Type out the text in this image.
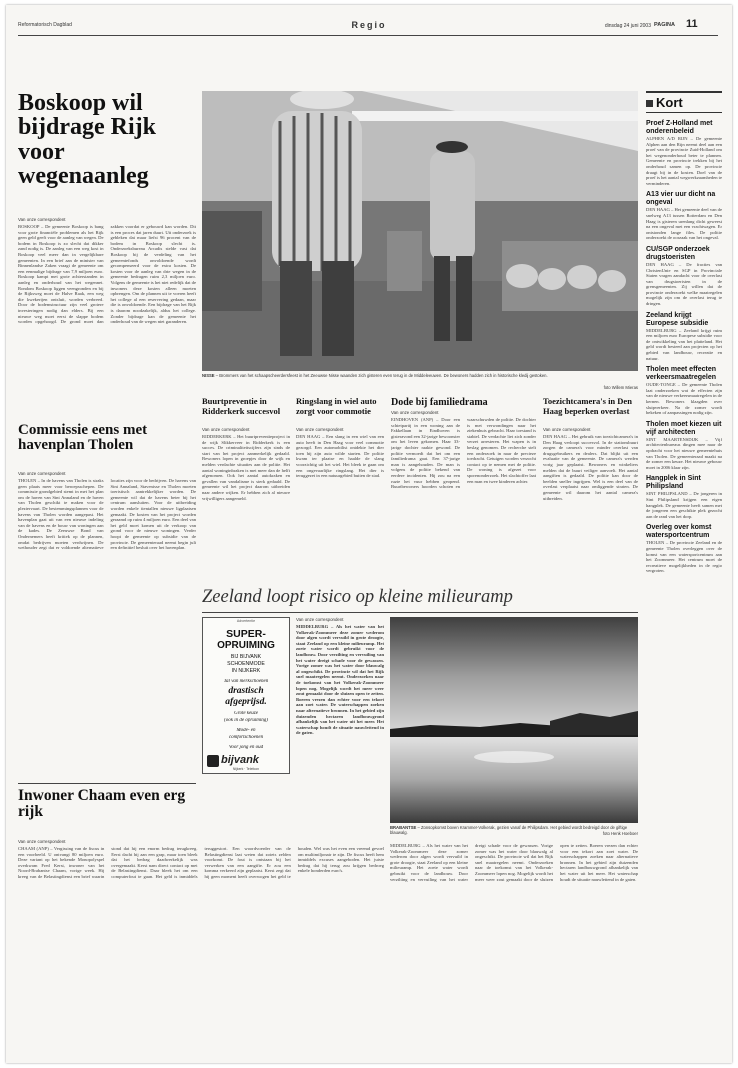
Reformatorisch Dagblad	Regio	dinsdag 24 juni 2003 PAGINA	11
Boskoop wil bijdrage Rijk voor wegenaanleg
Van onze correspondent
BOSKOOP – De gemeente Boskoop is bang voor grote financiële problemen als het Rijk geen geld geeft voor de aanleg van wegen. De bodem in Boskoop is zo slecht dat dikker zand nodig is. De aanleg van een weg kost in Boskoop veel meer dan in vergelijkbare gemeenten. In een brief aan de minister van Binnenlandse Zaken vraagt de gemeente om een eenmalige bijdrage van 7,9 miljoen euro. Boskoop kampt met grote achterstanden in aanleg en onderhoud van het wegennet. Rondom Boskoop liggen veengronden en bij de Rijksweg moet de Halve Raak, een weg die kwekerijen ontsluit, worden verbreed. Door de bodemstructuur zijn veel grotere investeringen nodig dan elders. Bij een nieuwe weg moet eerst de slappe bodem worden opgehoogd. De grond moet dan zakken voordat er gebouwd kan worden. Dit is een proces dat jaren duurt. Uit onderzoek is gebleken dat maar liefst 96 procent van de bodem in Boskoop slecht is. Onderzoeksbureau Arcadis stelde vast dat Boskoop bij de verdeling van het gemeentefonds onvoldoende wordt gecompenseerd voor de extra kosten. De kosten voor de aanleg van drie wegen in de gemeente bedragen ruim 2,3 miljoen euro. Volgens de gemeente is het niet redelijk dat de inwoners deze kosten alleen moeten opbrengen. Om de plannen uit te voeren heeft het college al een reservering gedaan, maar die is onvoldoende. Een bijdrage van het Rijk is daarom noodzakelijk, aldus het college. Zonder bijdrage kan de gemeente het onderhoud van de wegen niet garanderen.
NISSE – Brommers van het schaapscheerdersfeest in het Zeeuwse Nisse waanden zich gisteren even terug in de Middeleeuwen. De bewoners hadden zich in historische kledij gestoken.
foto Willem Mieras
Commissie eens met havenplan Tholen
Van onze correspondent
THOLEN – In de havens van Tholen is straks geen plaats meer voor beroepsschepen. De commissie grondgebied stemt in met het plan om de haven van Sint Annaland en de haven van Tholen geschikt te maken voor de pleziervaart. De bestemmingsplannen voor de havens van Tholen worden aangepast. Het havenplan gaat uit van een nieuwe indeling van de havens en de bouw van woningen aan de kades. De Zeeuwse Bond van Ondernemers heeft kritiek op de plannen, omdat bedrijven moeten verdwijnen. De wethouder zegt dat er voldoende alternatieve locaties zijn voor de bedrijven. De havens van Sint Annaland, Stavenisse en Tholen moeten toeristisch aantrekkelijker worden. De gemeente wil dat de havens beter bij het centrum aansluiten. Voor de uitbreiding worden enkele tientallen nieuwe ligplaatsen gemaakt. De kosten van het project worden geraamd op ruim 4 miljoen euro. Een deel van het geld moet komen uit de verkoop van grond voor de nieuwe woningen. Verder hoopt de gemeente op subsidie van de provincie. De gemeenteraad neemt begin juli een definitief besluit over het havenplan.
Buurtpreventie in Ridderkerk succesvol
Van onze correspondent
RIDDERKERK – Het buurtpreventieproject in de wijk Slikkerveer in Ridderkerk is een succes. De criminaliteitscijfers zijn sinds de start van het project aanmerkelijk gedaald. Bewoners lopen in groepjes door de wijk en melden verdachte situaties aan de politie. Het aantal woninginbraken is met meer dan de helft afgenomen. Ook het aantal autokraken en gevallen van vandalisme is sterk gedaald. De gemeente wil het project daarom uitbreiden naar andere wijken. Er hebben zich al nieuwe vrijwilligers aangemeld.
Ringslang in wiel auto zorgt voor commotie
Van onze correspondent
DEN HAAG – Een slang in een wiel van een auto heeft in Den Haag voor veel commotie gezorgd. Een automobilist ontdekte het dier toen hij zijn auto wilde starten. De politie kwam ter plaatse en haalde de slang voorzichtig uit het wiel. Het bleek te gaan om een ongevaarlijke ringslang. Het dier is teruggezet in een natuurgebied buiten de stad.
Dode bij familiedrama
Van onze correspondent
EINDHOVEN (ANP) – Door een schietpartij in een woning aan de Fakkellaan in Eindhoven is gisteravond een 32-jarige bewoonster om het leven gekomen. Haar 33-jarige dochter raakte gewond. De politie vermoedt dat het om een familiedrama gaat. Een 37-jarige man is aangehouden. De man is volgens de politie bekend van eerdere incidenten. Hij zou na een ruzie het vuur hebben geopend. Buurtbewoners hoorden schoten en waarschuwden de politie. De dochter is met verwondingen naar het ziekenhuis gebracht. Haar toestand is stabiel. De verdachte liet zich zonder verzet arresteren. Het wapen is in beslag genomen. De recherche stelt een onderzoek in naar de precieze toedracht. Getuigen worden verzocht contact op te nemen met de politie. De woning is afgezet voor sporenonderzoek. Het slachtoffer laat een man en twee kinderen achter.
Toezichtcamera's in Den Haag beperken overlast
Van onze correspondent
DEN HAAG – Het gebruik van toezichtcamera's in Den Haag verloopt succesvol. In de stationsbuurt zorgen de camera's voor minder overlast van drugsgebruikers en dealers. Dat blijkt uit een evaluatie van de gemeente. De camera's werden vorig jaar geplaatst. Bewoners en winkeliers melden dat de buurt veiliger aanvoelt. Het aantal aangiften is gedaald. De politie kan door de beelden sneller ingrijpen. Wel is een deel van de overlast verplaatst naar omliggende straten. De gemeente wil daarom het aantal camera's uitbreiden.
Zeeland loopt risico op kleine milieuramp
Advertentie
SUPER-
OPRUIMING
BIJ BIJVANK
SCHOENMODE
IN NIJKERK
Tal van merkschoenen
drastisch
afgeprijsd.
Grote keuze
(ook in de opruiming)
Mode- en
comfortschoenen
Voor jong en oud
bijvank
Nijkerk · Telefoon
Van onze correspondent
MIDDELBURG – Als het water van het Volkerak-Zoommeer deze zomer wederom door algen wordt vervuild in grote droogte, staat Zeeland op een kleine milieuramp. Het zoete water wordt gebruikt voor de landbouw. Door verzilting en vervuiling van het water dreigt schade voor de gewassen. Vorige zomer was het water door blauwalg al ongeschikt. De provincie wil dat het Rijk snel maatregelen neemt. Onderzoeken naar de toekomst van het Volkerak-Zoommeer lopen nog. Mogelijk wordt het meer weer zout gemaakt door de sluizen open te zetten. Boeren vrezen dan echter voor een tekort aan zoet water. De waterschappen zoeken naar alternatieve bronnen. In het gebied zijn duizenden hectaren landbouwgrond afhankelijk van het water uit het meer. Het waterschap houdt de situatie nauwlettend in de gaten.
BRABANTSE – Zonsopkomst boven Krammer-Volkerak, gezien vanaf de Philipsdam. Het gebied wordt bedreigd door de giftige blauwalg.	foto Henk Hoeboer
Inwoner Chaam even erg rijk
Van onze correspondent
CHAAM (ANP) – Vergissing van de fiscus in een voorbeeld. U ontvangt 80 miljoen euro. Deze variant op het bekende Monopolyspel overkwam Fred Kerst, inwoner van het Noord-Brabantse Chaam, vorige week. Hij kreeg van de Belastingdienst een brief waarin stond dat hij een enorm bedrag terugkreeg. Eerst dacht hij aan een grap, maar toen bleek dat het bedrag daadwerkelijk was overgemaakt. Kerst nam direct contact op met de Belastingdienst. Daar bleek het om een computerfout te gaan. Het geld is inmiddels teruggestort. Een woordvoerder van de Belastingdienst laat weten dat zoiets zelden voorkomt. De fout is ontstaan bij het verwerken van een aangifte. Er zou een komma verkeerd zijn geplaatst. Kerst zegt dat hij geen moment heeft overwogen het geld te houden. Wel was het even een vreemd gevoel om multimiljonair te zijn. De fiscus heeft hem inmiddels excuses aangeboden. Het juiste bedrag dat hij terug zou krijgen bedroeg enkele honderden euro's.
MIDDELBURG – Als het water van het Volkerak-Zoommeer deze zomer wederom door algen wordt vervuild in grote droogte, staat Zeeland op een kleine milieuramp. Het zoete water wordt gebruikt voor de landbouw. Door verzilting en vervuiling van het water dreigt schade voor de gewassen. Vorige zomer was het water door blauwalg al ongeschikt. De provincie wil dat het Rijk snel maatregelen neemt. Onderzoeken naar de toekomst van het Volkerak-Zoommeer lopen nog. Mogelijk wordt het meer weer zout gemaakt door de sluizen open te zetten. Boeren vrezen dan echter voor een tekort aan zoet water. De waterschappen zoeken naar alternatieve bronnen. In het gebied zijn duizenden hectaren landbouwgrond afhankelijk van het water uit het meer. Het waterschap houdt de situatie nauwlettend in de gaten.
Kort
Proef Z-Holland met onderenbeleid
ALPHEN A/D RIJN – De gemeente Alphen aan den Rijn neemt deel aan een proef van de provincie Zuid-Holland om het wegenonderhoud beter te plannen. Gemeente en provincie trekken bij het onderhoud samen op. De provincie draagt bij in de kosten. Doel van de proef is het aantal wegwerkzaamheden te verminderen.
A13 vier uur dicht na ongeval
DEN HAAG – Het gemeente deel van de snelweg A13 tussen Rotterdam en Den Haag is gisteren urenlang dicht geweest na een ongeval met een vrachtwagen. Er ontstonden lange files. De politie onderzoekt de oorzaak van het ongeval.
CU/SGP onderzoek drugstoeristen
DEN HAAG – De fracties van ChristenUnie en SGP in Provinciale Staten vragen aandacht voor de overlast van drugstoeristen in de grensgemeenten. Zij willen dat de provincie onderzoekt welke maatregelen mogelijk zijn om de overlast terug te dringen.
Zeeland krijgt Europese subsidie
MIDDELBURG – Zeeland krijgt ruim een miljoen euro Europese subsidie voor de ontwikkeling van het platteland. Het geld wordt besteed aan projecten op het gebied van landbouw, recreatie en natuur.
Tholen meet effecten verkeersmaatregelen
OUDE-TONGE – De gemeente Tholen laat onderzoeken wat de effecten zijn van de nieuwe verkeersmaatregelen in de kernen. Bewoners klaagden over sluipverkeer. Na de zomer wordt bekeken of aanpassingen nodig zijn.
Tholen moet kiezen uit vijf architecten
SINT MAARTENSDIJK – Vijf architectenbureaus dingen mee naar de opdracht voor het nieuwe gemeentehuis van Tholen. De gemeenteraad maakt na de zomer een keuze. Het nieuwe gebouw moet in 2006 klaar zijn.
Hangplek in Sint Philipsland
SINT PHILIPSLAND – De jongeren in Sint Philipsland krijgen een eigen hangplek. De gemeente heeft samen met de jongeren een geschikte plek gezocht aan de rand van het dorp.
Overleg over komst watersportcentrum
THOLEN – De provincie Zeeland en de gemeente Tholen overleggen over de komst van een watersportcentrum aan het Zoommeer. Het centrum moet de recreatieve mogelijkheden in de regio vergroten.
